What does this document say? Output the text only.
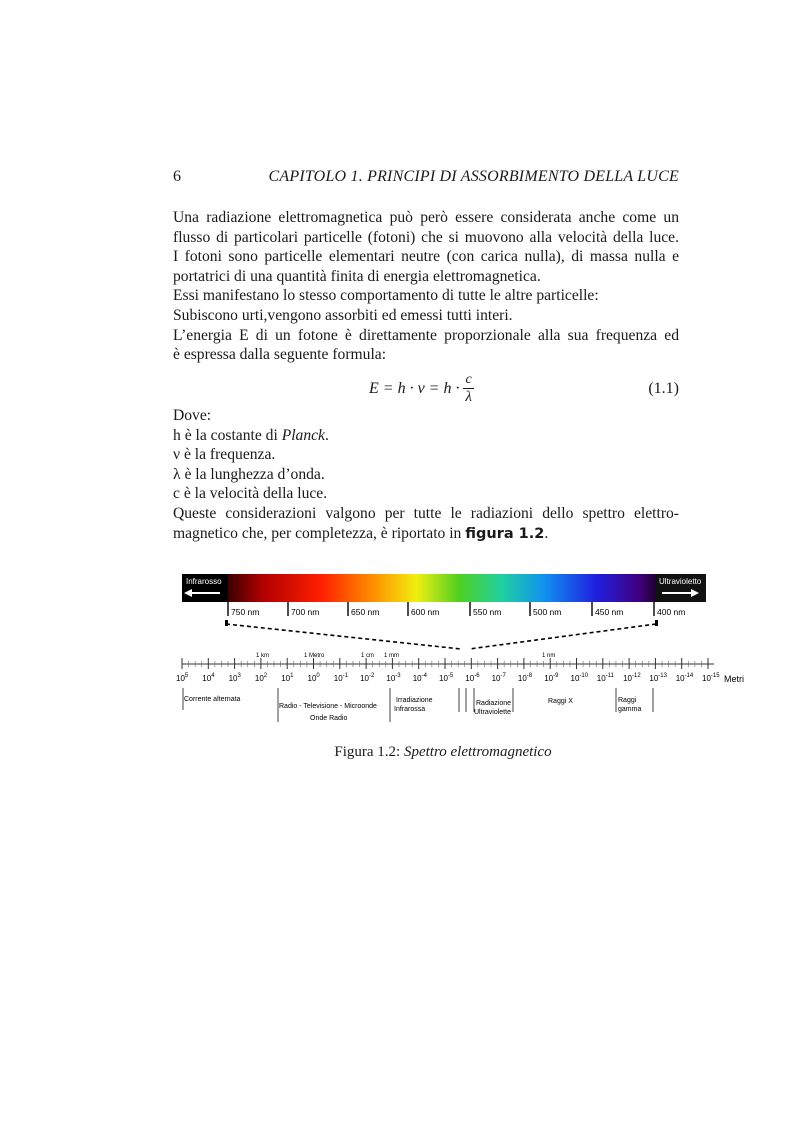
6	CAPITOLO 1. PRINCIPI DI ASSORBIMENTO DELLA LUCE

Una radiazione elettromagnetica può però essere considerata anche come un

flusso di particolari particelle (fotoni) che si muovono alla velocità della luce.

I fotoni sono particelle elementari neutre (con carica nulla), di massa nulla e

portatrici di una quantità finita di energia elettromagnetica.

Essi manifestano lo stesso comportamento di tutte le altre particelle:

Subiscono urti,vengono assorbiti ed emessi tutti interi.

L’energia E di un fotone è direttamente proporzionale alla sua frequenza ed

è espressa dalla seguente formula:

$E = h \cdot \nu = h \cdot \frac{c}{\lambda}$	(1.1)

Dove:

h è la costante di Planck.

ν è la frequenza.

λ è la lunghezza d’onda.

c è la velocità della luce.

Queste considerazioni valgono per tutte le radiazioni dello spettro elettro-

magnetico che, per completezza, è riportato in figura 1.2.

Infrarosso	Ultravioletto
750 nm	700 nm	650 nm	600 nm	550 nm	500 nm	450 nm	400 nm
1 km	1 Metro	1 cm 1 mm	1 nm
$10^5$ $10^4$ $10^3$ $10^2$ $10^1$ $10^0$ $10^{-1}$ $10^{-2}$ $10^{-3}$ $10^{-4}$ $10^{-5}$ $10^{-6}$ $10^{-7}$ $10^{-8}$ $10^{-9}$ $10^{-10}$ $10^{-11}$ $10^{-12}$ $10^{-13}$ $10^{-14}$ $10^{-15}$ Metri
Corrente alternata
Radio - Televisione - Microonde
Onde Radio
Irradiazione
Infrarossa
Radiazione
Ultraviolette
Raggi X	Raggi
gamma
Figura 1.2: Spettro elettromagnetico
